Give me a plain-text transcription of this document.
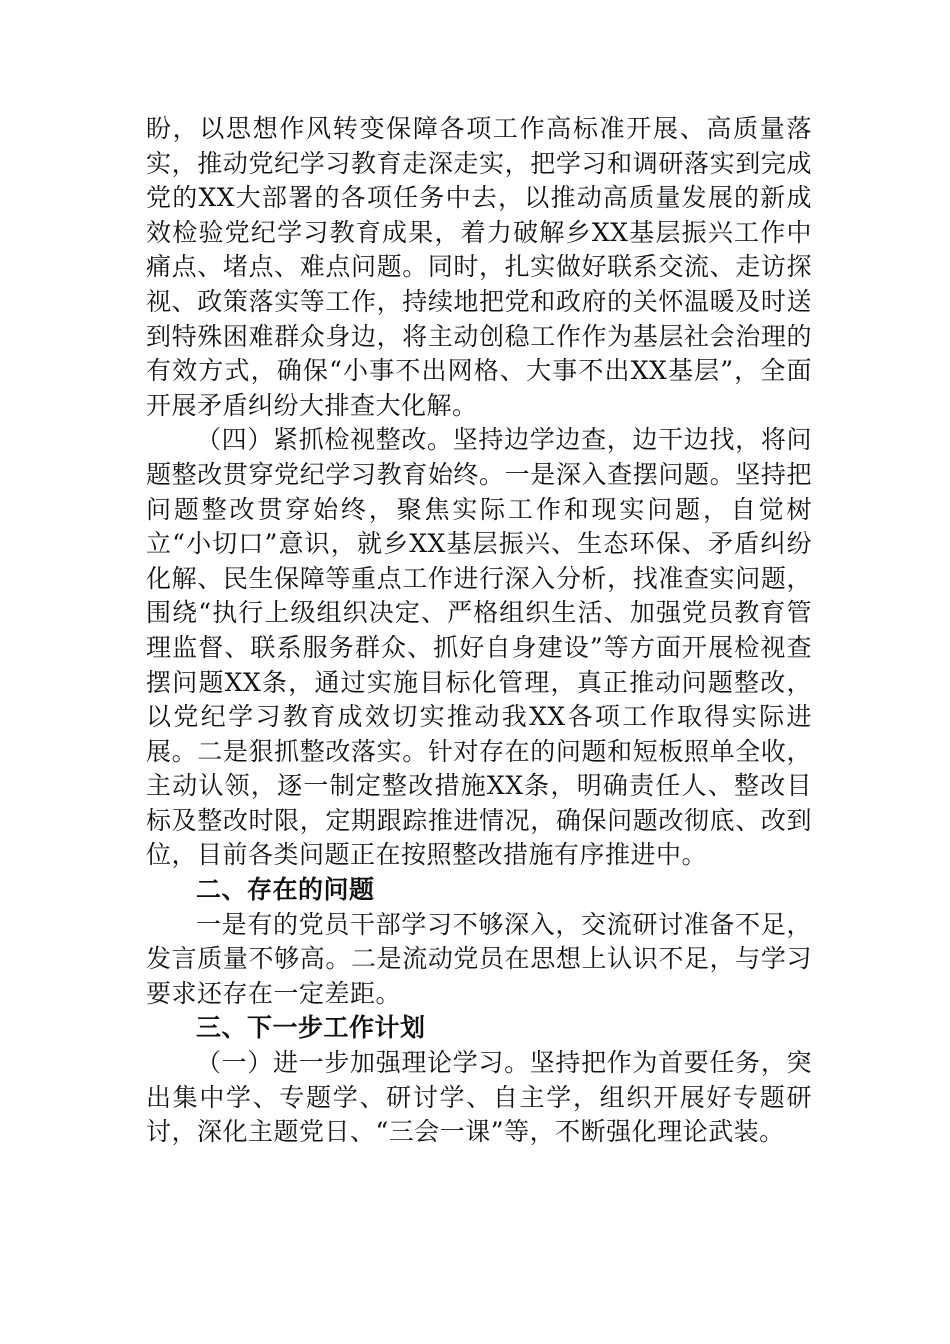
盼，以思想作风转变保障各项工作高标准开展、高质量落实，推动党纪学习教育走深走实，把学习和调研落实到完成党的XX大部署的各项任务中去，以推动高质量发展的新成效检验党纪学习教育成果，着力破解乡XX基层振兴工作中痛点、堵点、难点问题。同时，扎实做好联系交流、走访探视、政策落实等工作，持续地把党和政府的关怀温暖及时送到特殊困难群众身边，将主动创稳工作作为基层社会治理的有效方式，确保“小事不出网格、大事不出XX基层”，全面开展矛盾纠纷大排查大化解。

（四）紧抓检视整改。坚持边学边查，边干边找，将问题整改贯穿党纪学习教育始终。一是深入查摆问题。坚持把问题整改贯穿始终，聚焦实际工作和现实问题，自觉树立“小切口”意识，就乡XX基层振兴、生态环保、矛盾纠纷化解、民生保障等重点工作进行深入分析，找准查实问题，围绕“执行上级组织决定、严格组织生活、加强党员教育管理监督、联系服务群众、抓好自身建设”等方面开展检视查摆问题XX条，通过实施目标化管理，真正推动问题整改，以党纪学习教育成效切实推动我XX各项工作取得实际进展。二是狠抓整改落实。针对存在的问题和短板照单全收，主动认领，逐一制定整改措施XX条，明确责任人、整改目标及整改时限，定期跟踪推进情况，确保问题改彻底、改到位，目前各类问题正在按照整改措施有序推进中。

二、存在的问题

一是有的党员干部学习不够深入，交流研讨准备不足，发言质量不够高。二是流动党员在思想上认识不足，与学习要求还存在一定差距。

三、下一步工作计划

（一）进一步加强理论学习。坚持把作为首要任务，突出集中学、专题学、研讨学、自主学，组织开展好专题研讨，深化主题党日、“三会一课”等，不断强化理论武装。
